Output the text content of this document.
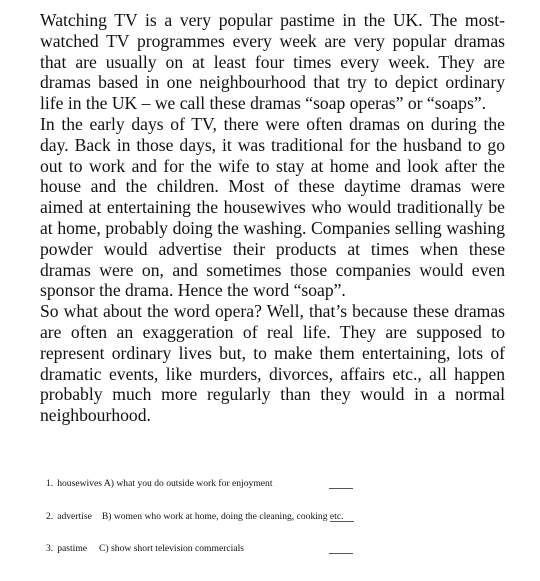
Watching TV is a very popular pastime in the UK. The most-watched TV programmes every week are very popular dramas that are usually on at least four times every week. They are dramas based in one neighbourhood that try to depict ordinary life in the UK – we call these dramas “soap operas” or “soaps”.

In the early days of TV, there were often dramas on during the day. Back in those days, it was traditional for the husband to go out to work and for the wife to stay at home and look after the house and the children. Most of these daytime dramas were aimed at entertaining the housewives who would traditionally be at home, probably doing the washing. Companies selling washing powder would advertise their products at times when these dramas were on, and sometimes those companies would even sponsor the drama. Hence the word “soap”.

So what about the word opera? Well, that’s because these dramas are often an exaggeration of real life. They are supposed to represent ordinary lives but, to make them entertaining, lots of dramatic events, like murders, divorces, affairs etc., all happen probably much more regularly than they would in a normal neighbourhood.

1. housewives A) what you do outside work for enjoyment
2. advertise B) women who work at home, doing the cleaning, cooking etc.
3. pastime C) show short television commercials
